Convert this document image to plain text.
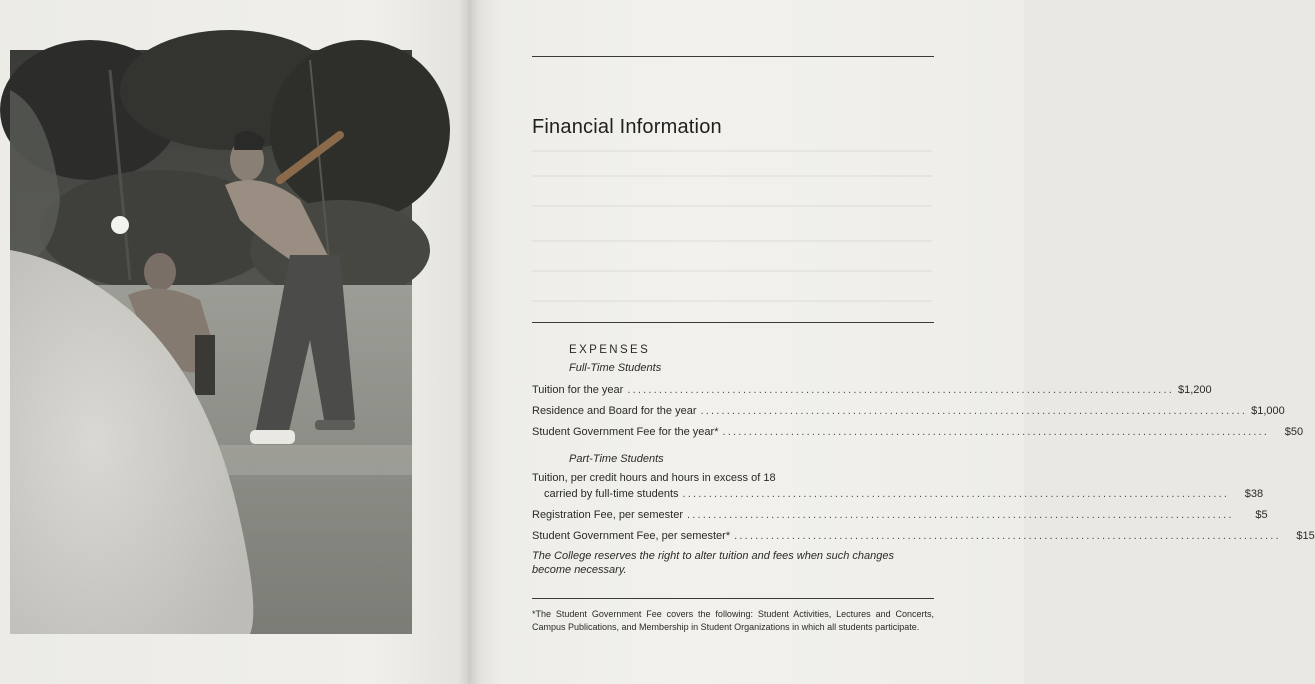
Financial Information
EXPENSES
Full-Time Students
Tuition for the year ........................................................................................................ $1,200
Residence and Board for the year ........................................................................................................ $1,000
Student Government Fee for the year* ........................................................................................................	$50
Part-Time Students
Tuition, per credit hours and hours in excess of 18
carried by full-time students ........................................................................................................	$38
Registration Fee, per semester ........................................................................................................	$5
Student Government Fee, per semester* ........................................................................................................	$15
The College reserves the right to alter tuition and fees when such changes become necessary.
*The Student Government Fee covers the following: Student Activities, Lectures and Concerts, Campus Publications, and Membership in Student Organizations in which all students participate.
